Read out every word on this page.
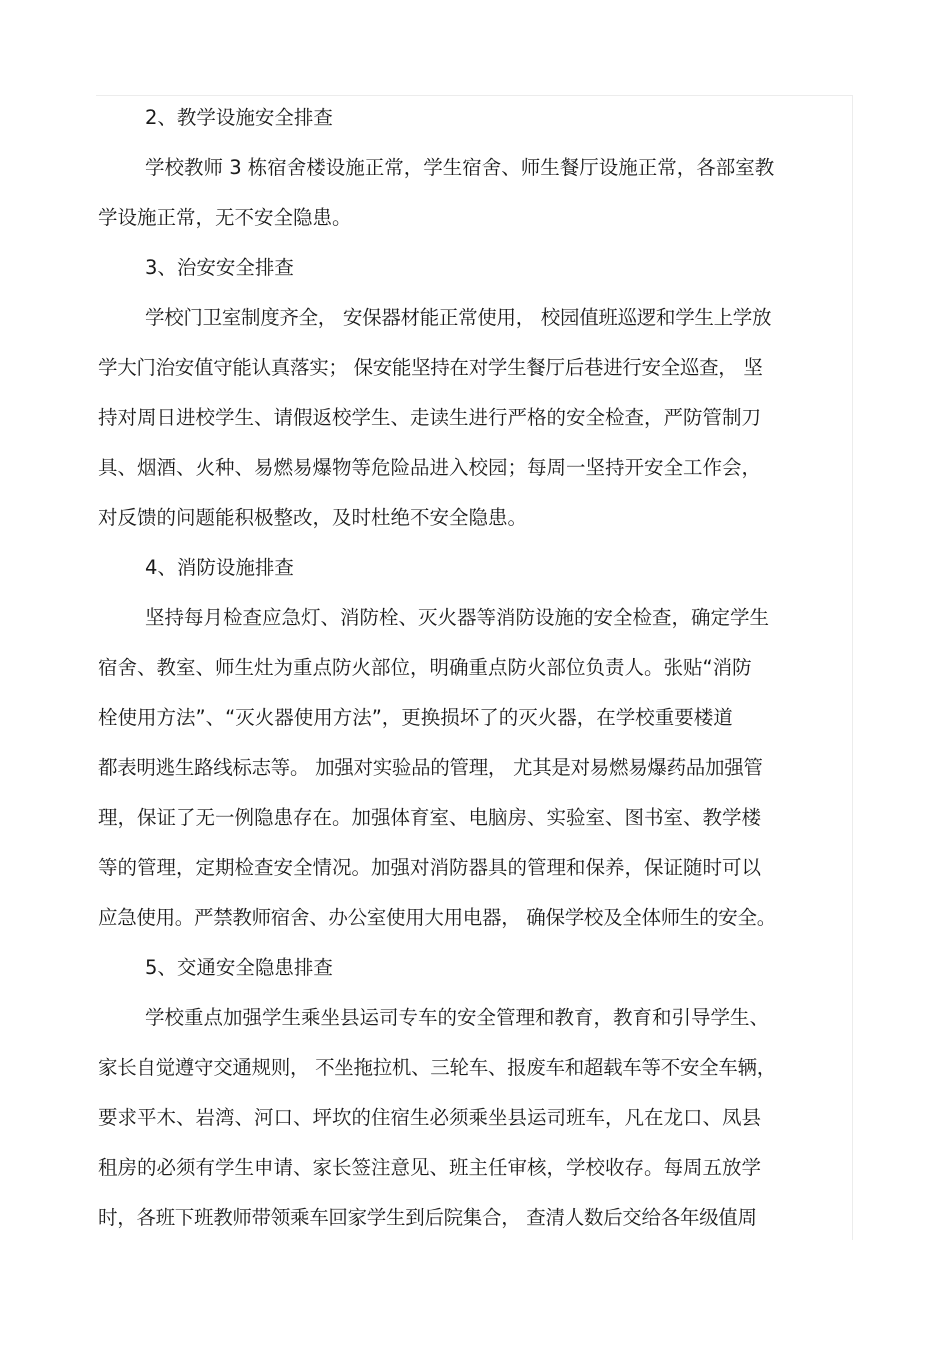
2、教学设施安全排查
学校教师 3 栋宿舍楼设施正常，学生宿舍、师生餐厅设施正常，各部室教
学设施正常，无不安全隐患。
3、治安安全排查
学校门卫室制度齐全， 安保器材能正常使用， 校园值班巡逻和学生上学放
学大门治安值守能认真落实； 保安能坚持在对学生餐厅后巷进行安全巡查， 坚
持对周日进校学生、请假返校学生、走读生进行严格的安全检查，严防管制刀
具、烟酒、火种、易燃易爆物等危险品进入校园；每周一坚持开安全工作会，
对反馈的问题能积极整改，及时杜绝不安全隐患。
4、消防设施排查
坚持每月检查应急灯、消防栓、灭火器等消防设施的安全检查，确定学生
宿舍、教室、师生灶为重点防火部位，明确重点防火部位负责人。张贴“消防
栓使用方法”、“灭火器使用方法”，更换损坏了的灭火器，在学校重要楼道
都表明逃生路线标志等。 加强对实验品的管理， 尤其是对易燃易爆药品加强管
理，保证了无一例隐患存在。加强体育室、电脑房、实验室、图书室、教学楼
等的管理，定期检查安全情况。加强对消防器具的管理和保养，保证随时可以
应急使用。严禁教师宿舍、办公室使用大用电器， 确保学校及全体师生的安全。
5、交通安全隐患排查
学校重点加强学生乘坐县运司专车的安全管理和教育，教育和引导学生、
家长自觉遵守交通规则， 不坐拖拉机、三轮车、报废车和超载车等不安全车辆，
要求平木、岩湾、河口、坪坎的住宿生必须乘坐县运司班车，凡在龙口、凤县
租房的必须有学生申请、家长签注意见、班主任审核，学校收存。每周五放学
时，各班下班教师带领乘车回家学生到后院集合， 查清人数后交给各年级值周
